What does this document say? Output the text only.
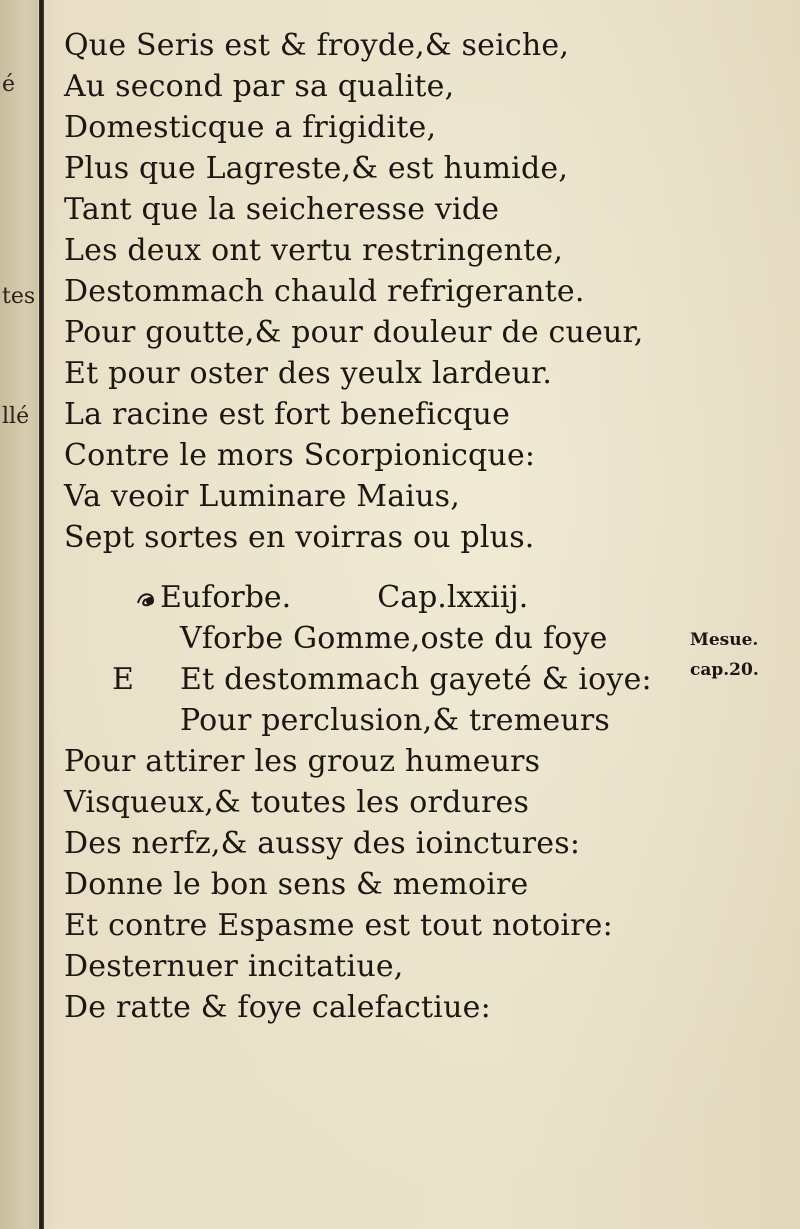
é
tes
llé
Que Seris est & froyde,& seiche,
Au second par sa qualite,
Domesticque a frigidite,
Plus que Lagreste,& est humide,
Tant que la seicheresse vide
Les deux ont vertu restringente,
Destommach chauld refrigerante.
Pour goutte,& pour douleur de cueur,
Et pour oster des yeulx lardeur.
La racine est fort beneficque
Contre le mors Scorpionicque:
Va veoir Luminare Maius,
Sept sortes en voirras ou plus.
Euforbe.	Cap.lxxiij.
Vforbe Gomme,oste du foye
Et destommach gayeté & ioye:
Pour perclusion,& tremeurs
Pour attirer les grouz humeurs
Visqueux,& toutes les ordures
Des nerfz,& aussy des ioinctures:
Donne le bon sens & memoire
Et contre Espasme est tout notoire:
Desternuer incitatiue,
De ratte & foye calefactiue:
E
Mesue.
cap.20.
